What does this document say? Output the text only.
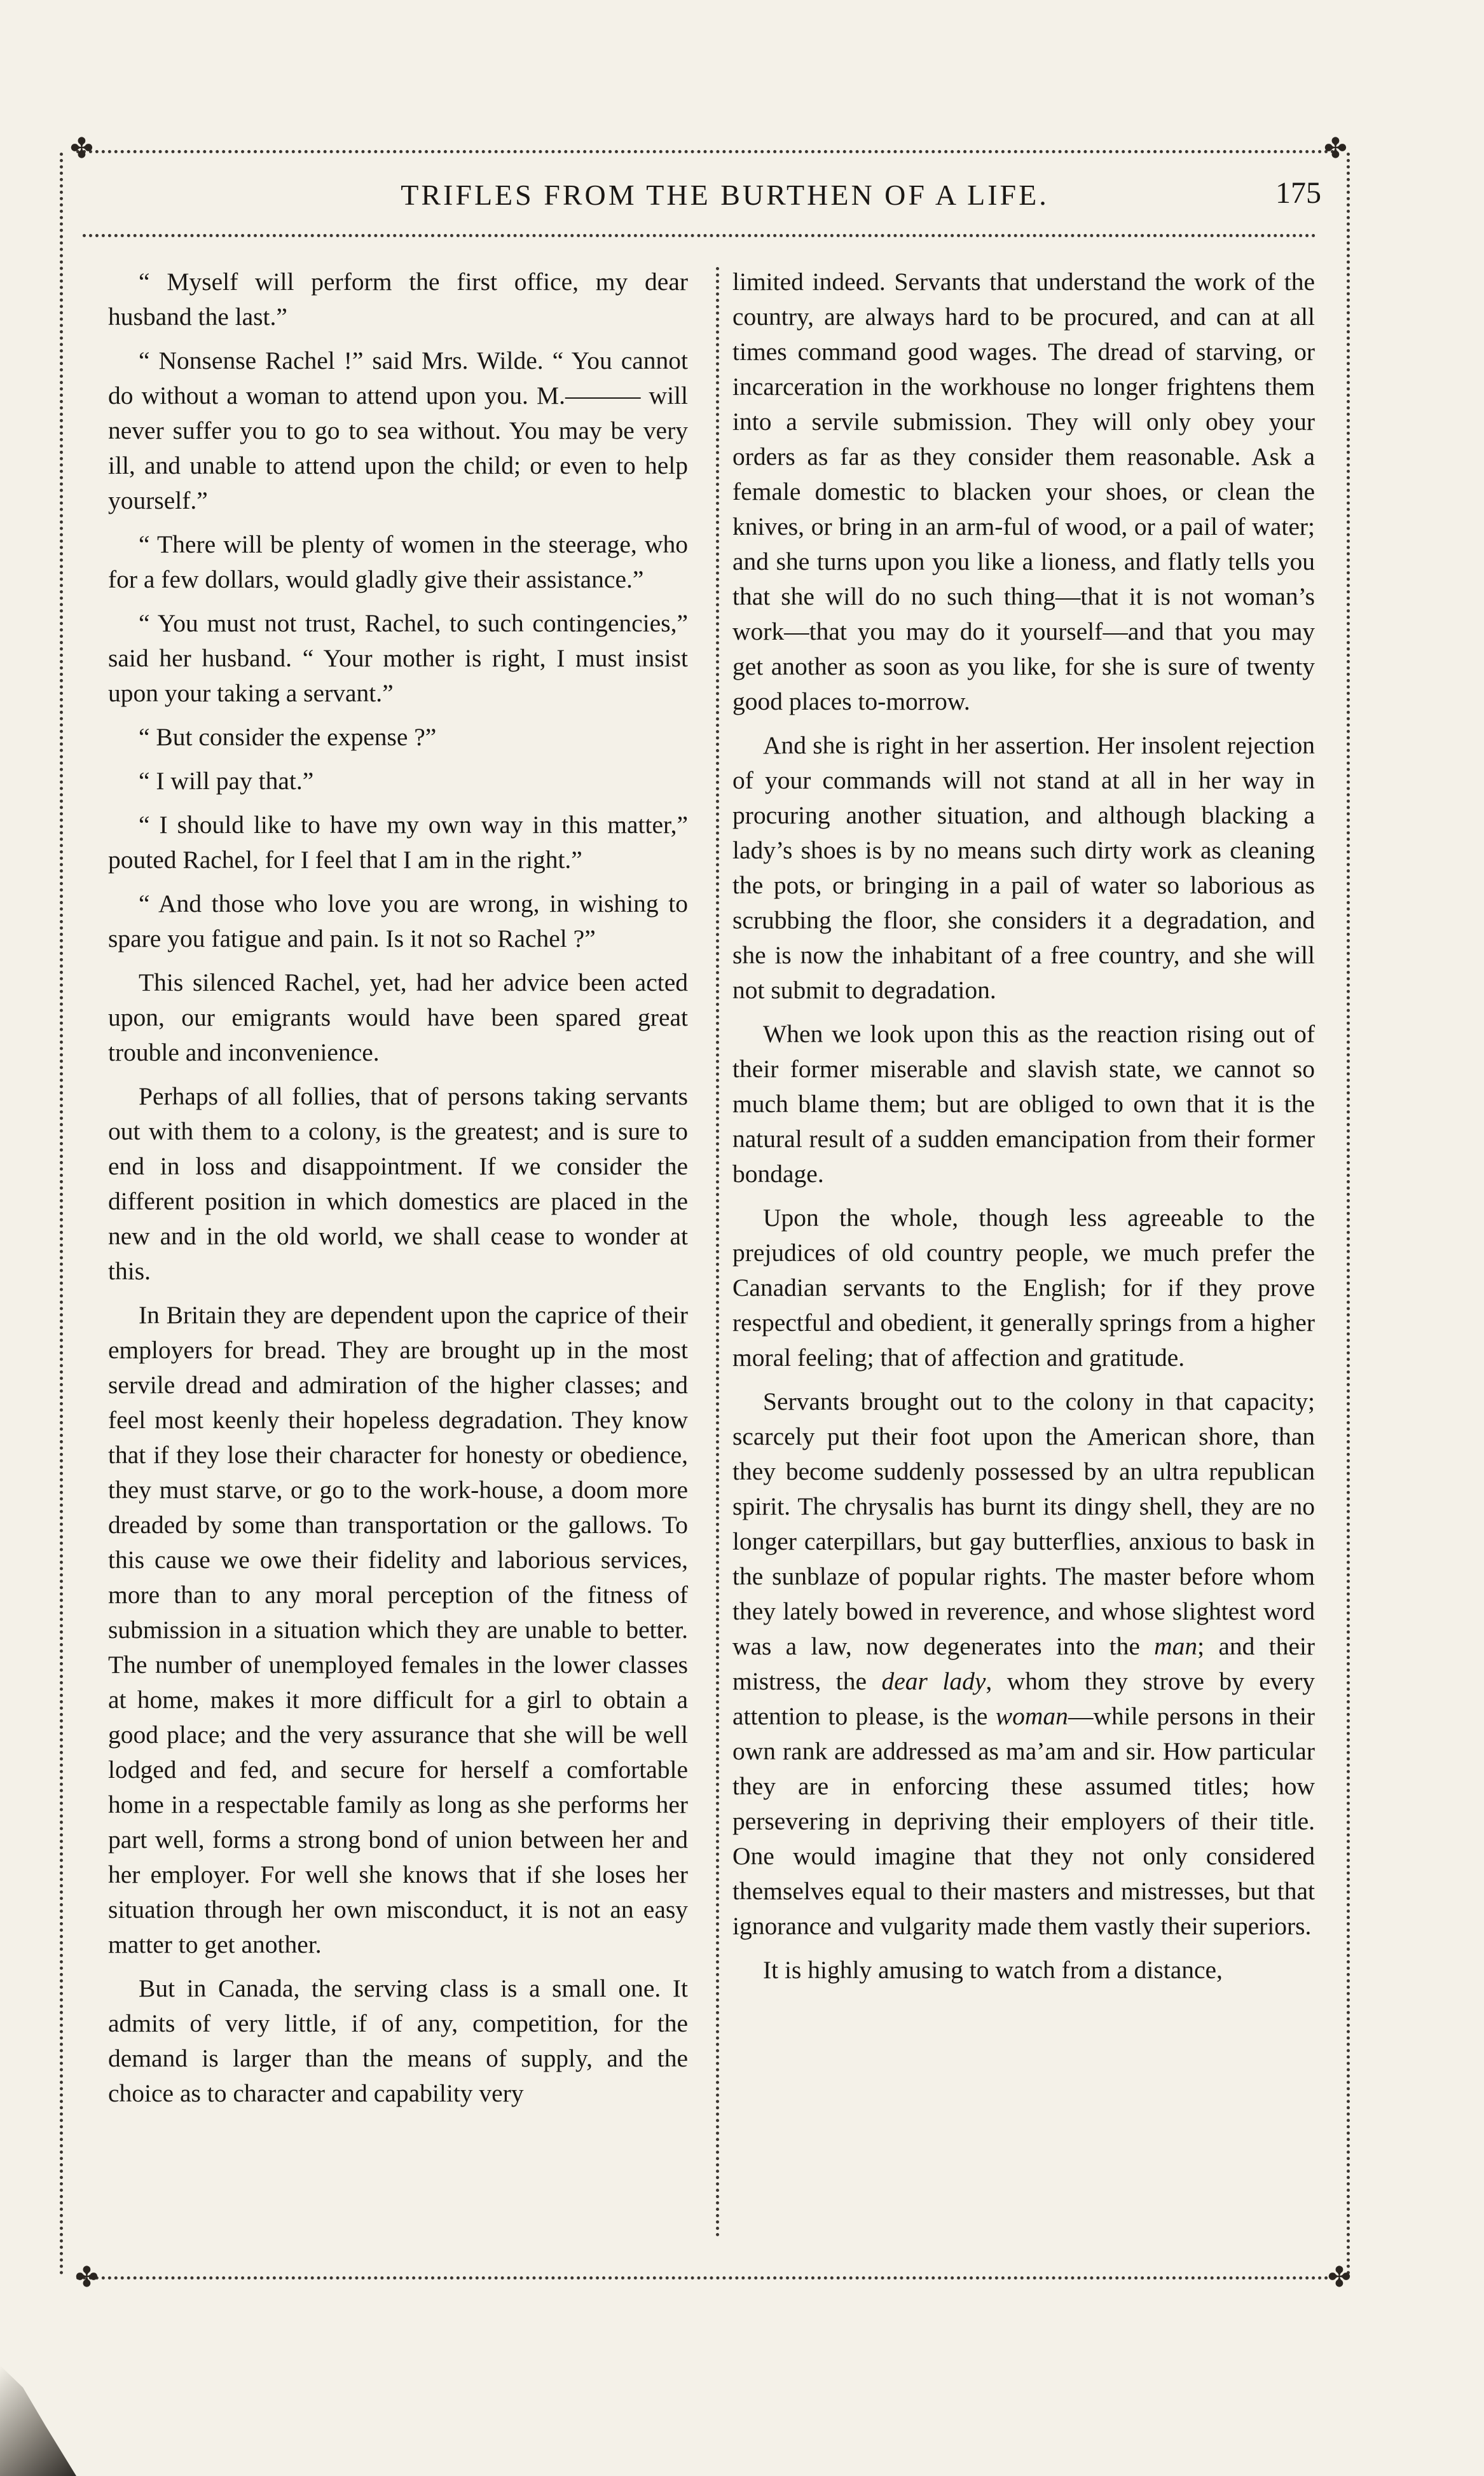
✤	✤
✤	✤
TRIFLES FROM THE BURTHEN OF A LIFE.	175

“ Myself will perform the first office, my dear husband the last.”

“ Nonsense Rachel !” said Mrs. Wilde. “ You cannot do without a woman to attend upon you. M.——— will never suffer you to go to sea without. You may be very ill, and unable to attend upon the child; or even to help yourself.”

“ There will be plenty of women in the steerage, who for a few dollars, would gladly give their assistance.”

“ You must not trust, Rachel, to such contingencies,” said her husband. “ Your mother is right, I must insist upon your taking a servant.”

“ But consider the expense ?”

“ I will pay that.”

“ I should like to have my own way in this matter,” pouted Rachel, for I feel that I am in the right.”

“ And those who love you are wrong, in wishing to spare you fatigue and pain. Is it not so Rachel ?”

This silenced Rachel, yet, had her advice been acted upon, our emigrants would have been spared great trouble and inconvenience.

Perhaps of all follies, that of persons taking servants out with them to a colony, is the greatest; and is sure to end in loss and disappointment. If we consider the different position in which domestics are placed in the new and in the old world, we shall cease to wonder at this.

In Britain they are dependent upon the caprice of their employers for bread. They are brought up in the most servile dread and admiration of the higher classes; and feel most keenly their hopeless degradation. They know that if they lose their character for honesty or obedience, they must starve, or go to the work-house, a doom more dreaded by some than transportation or the gallows. To this cause we owe their fidelity and laborious services, more than to any moral perception of the fitness of submission in a situation which they are unable to better. The number of unemployed females in the lower classes at home, makes it more difficult for a girl to obtain a good place; and the very assurance that she will be well lodged and fed, and secure for herself a comfortable home in a respectable family as long as she performs her part well, forms a strong bond of union between her and her employer. For well she knows that if she loses her situation through her own misconduct, it is not an easy matter to get another.

But in Canada, the serving class is a small one. It admits of very little, if of any, competition, for the demand is larger than the means of supply, and the choice as to character and capability very

limited indeed. Servants that understand the work of the country, are always hard to be procured, and can at all times command good wages. The dread of starving, or incarceration in the workhouse no longer frightens them into a servile submission. They will only obey your orders as far as they consider them reasonable. Ask a female domestic to blacken your shoes, or clean the knives, or bring in an arm-ful of wood, or a pail of water; and she turns upon you like a lioness, and flatly tells you that she will do no such thing—that it is not woman’s work—that you may do it yourself—and that you may get another as soon as you like, for she is sure of twenty good places to-morrow.

And she is right in her assertion. Her insolent rejection of your commands will not stand at all in her way in procuring another situation, and although blacking a lady’s shoes is by no means such dirty work as cleaning the pots, or bringing in a pail of water so laborious as scrubbing the floor, she considers it a degradation, and she is now the inhabitant of a free country, and she will not submit to degradation.

When we look upon this as the reaction rising out of their former miserable and slavish state, we cannot so much blame them; but are obliged to own that it is the natural result of a sudden emancipation from their former bondage.

Upon the whole, though less agreeable to the prejudices of old country people, we much prefer the Canadian servants to the English; for if they prove respectful and obedient, it generally springs from a higher moral feeling; that of affection and gratitude.

Servants brought out to the colony in that capacity; scarcely put their foot upon the American shore, than they become suddenly possessed by an ultra republican spirit. The chrysalis has burnt its dingy shell, they are no longer caterpillars, but gay butterflies, anxious to bask in the sunblaze of popular rights. The master before whom they lately bowed in reverence, and whose slightest word was a law, now degenerates into the man; and their mistress, the dear lady, whom they strove by every attention to please, is the woman—while persons in their own rank are addressed as ma’am and sir. How particular they are in enforcing these assumed titles; how persevering in depriving their employers of their title. One would imagine that they not only considered themselves equal to their masters and mistresses, but that ignorance and vulgarity made them vastly their superiors.

It is highly amusing to watch from a distance,
